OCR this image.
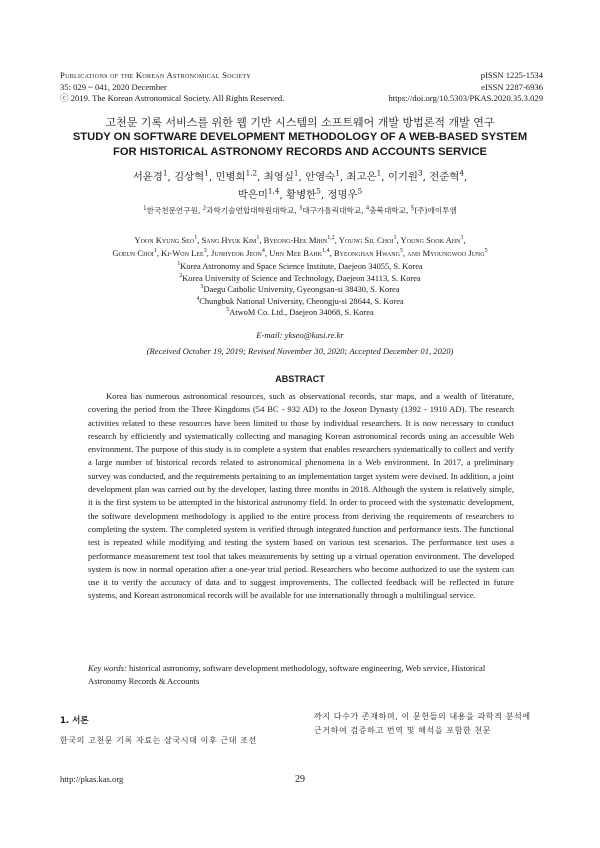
Publications of the Korean Astronomical Society
35: 029 ~ 041, 2020 December
ⓒ 2019. The Korean Astronomical Society. All Rights Reserved.
pISSN 1225-1534
eISSN 2287-6936
https://doi.org/10.5303/PKAS.2020.35.3.029
고천문 기록 서비스를 위한 웹 기반 시스템의 소프트웨어 개발 방법론적 개발 연구
STUDY ON SOFTWARE DEVELOPMENT METHODOLOGY OF A WEB-BASED SYSTEM
FOR HISTORICAL ASTRONOMY RECORDS AND ACCOUNTS SERVICE
서윤경$^1$, 김상혁$^1$, 민병희$^{1,2}$, 최영실$^1$, 안영숙$^1$, 최고은$^1$, 이기원$^3$, 전준혁$^4$,
박은미$^{1,4}$, 황병한$^5$, 정명우$^5$
$^1$한국천문연구원, $^2$과학기술연합대학원대학교, $^3$대구가톨릭대학교, $^4$충북대학교, $^5$(주)에이투엠
Yoon Kyung Seo$^1$, Sang Hyuk Kim$^1$, Byeong-Hee Mihn$^{1,2}$, Young Sil Choi$^1$, Young Sook Ahn$^1$,
Goeun Choi$^1$, Ki-Won Lee$^3$, Junhyeok Jeon$^4$, Uhn Mee Bahk$^{1,4}$, Byeonghan Hwang$^5$, and Myoungwoo Jung$^5$
$^1$Korea Astronomy and Space Science Institute, Daejeon 34055, S. Korea
$^2$Korea University of Science and Technology, Daejeon 34113, S. Korea
$^3$Daegu Catholic University, Gyeongsan-si 38430, S. Korea
$^4$Chungbuk National University, Cheongju-si 28644, S. Korea
$^5$AtwoM Co. Ltd., Daejeon 34068, S. Korea
E-mail: ykseo@kasi.re.kr
(Received October 19, 2019; Revised November 30, 2020; Accepted December 01, 2020)
ABSTRACT

Korea has numerous astronomical resources, such as observational records, star maps, and a wealth of literature, covering the period from the Three Kingdoms (54 BC - 932 AD) to the Joseon Dynasty (1392 - 1910 AD). The research activities related to these resources have been limited to those by individual researchers. It is now necessary to conduct research by efficiently and systematically collecting and managing Korean astronomical records using an accessible Web environment. The purpose of this study is to complete a system that enables researchers systematically to collect and verify a large number of historical records related to astronomical phenomena in a Web environment. In 2017, a preliminary survey was conducted, and the requirements pertaining to an implementation target system were devised. In addition, a joint development plan was carried out by the developer, lasting three months in 2018. Although the system is relatively simple, it is the first system to be attempted in the historical astronomy field. In order to proceed with the systematic development, the software development methodology is applied to the entire process from deriving the requirements of researchers to completing the system. The completed system is verified through integrated function and performance tests. The functional test is repeated while modifying and testing the system based on various test scenarios. The performance test uses a performance measurement test tool that takes measurements by setting up a virtual operation environment. The developed system is now in normal operation after a one-year trial period. Researchers who become authorized to use the system can use it to verify the accuracy of data and to suggest improvements. The collected feedback will be reflected in future systems, and Korean astronomical records will be available for use internationally through a multilingual service.

Key words: historical astronomy, software development methodology, software engineering, Web service, Historical Astronomy Records & Accounts

1. 서론
한국의 고천문 기록 자료는 삼국시대 이후 근대 조선
까지 다수가 존재하며, 이 문헌들의 내용을 과학적 분석에 근거하여 검증하고 번역 및 해석을 포함한 천문
http://pkas.kas.org	29
